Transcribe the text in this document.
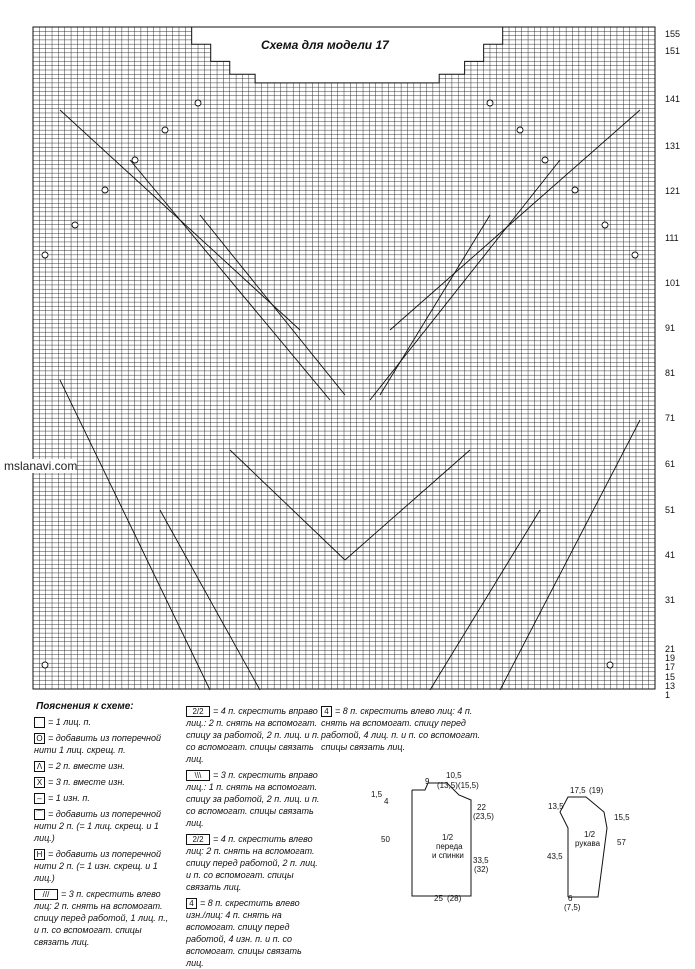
Схема для модели 17
mslanavi.com
155
151
141
131
121
111
101
91
81
71
61
51
41
31
21
19
17
15
13
1
Пояснения к схеме:
= 1 лиц. п.
O = добавить из поперечной нити 1 лиц. скрещ. п.
Λ = 2 п. вместе изн.
X = 3 п. вместе изн.
– = 1 изн. п.
⌒ = добавить из поперечной нити 2 п. (= 1 лиц. скрещ. и 1 лиц.)
H = добавить из поперечной нити 2 п. (= 1 изн. скрещ. и 1 лиц.)
/// = 3 п. скрестить влево лиц: 2 п. снять на вспомогат. спицу перед работой, 1 лиц. п., и п. со вспомогат. спицы связать лиц.
2/2 = 4 п. скрестить вправо лиц.: 2 п. снять на вспомогат. спицу за работой, 2 п. лиц. и п. со вспомогат. спицы связать лиц.
\\\ = 3 п. скрестить вправо лиц.: 1 п. снять на вспомогат. спицу за работой, 2 п. лиц. и п. со вспомогат. спицы связать лиц.
2/2 = 4 п. скрестить влево лиц: 2 п. снять на вспомогат. спицу перед работой, 2 п. лиц. и п. со вспомогат. спицы связать лиц.
4 = 8 п. скрестить влево изн./лиц: 4 п. снять на вспомогат. спицу перед работой, 4 изн. п. и п. со вспомогат. спицы связать лиц.
4 = 8 п. скрестить влево лиц: 4 п. снять на вспомогат. спицу перед работой, 4 лиц. п. и п. со вспомогат. спицы связать лиц.
9
10,5
(13,5)(15,5)
1,5
4
22
(23,5)
50	1/2
переда
и спинки
33,5
(32)
25 (28)
17,5 (19)
13,5
15,5
1/2
рукава
43,5
57
6
(7,5)
